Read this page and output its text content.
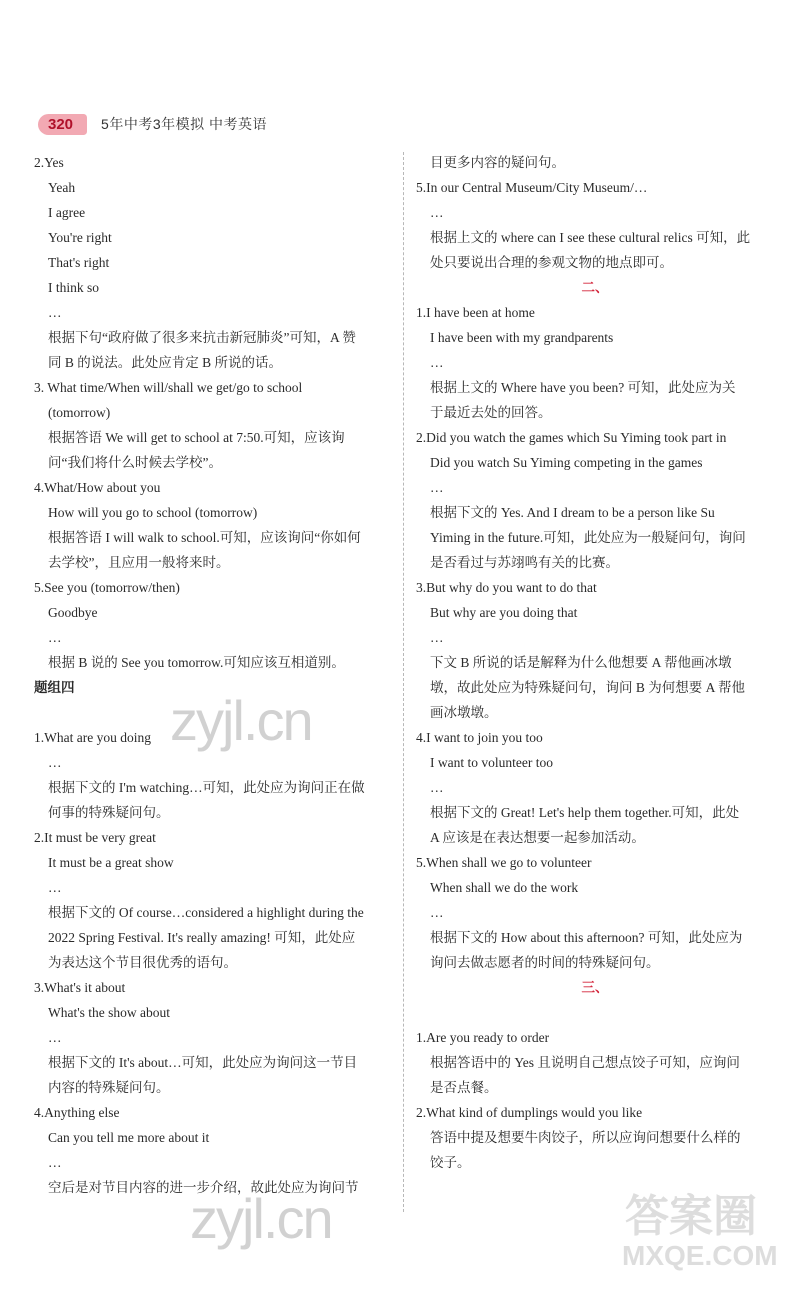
320	5年中考3年模拟 中考英语
2.Yes
Yeah
I agree
You're right
That's right
I think so
…
根据下句“政府做了很多来抗击新冠肺炎”可知，A 赞
同 B 的说法。此处应肯定 B 所说的话。
3. What time/When will/shall we get/go to school
(tomorrow)
根据答语 We will get to school at 7:50.可知，应该询
问“我们将什么时候去学校”。
4.What/How about you
How will you go to school (tomorrow)
根据答语 I will walk to school.可知，应该询问“你如何
去学校”，且应用一般将来时。
5.See you (tomorrow/then)
Goodbye
…
根据 B 说的 See you tomorrow.可知应该互相道别。
题组四
1.What are you doing
…
根据下文的 I'm watching…可知，此处应为询问正在做
何事的特殊疑问句。
2.It must be very great
It must be a great show
…
根据下文的 Of course…considered a highlight during the
2022 Spring Festival. It's really amazing! 可知，此处应
为表达这个节目很优秀的语句。
3.What's it about
What's the show about
…
根据下文的 It's about…可知，此处应为询问这一节目
内容的特殊疑问句。
4.Anything else
Can you tell me more about it
…
空后是对节目内容的进一步介绍，故此处应为询问节
目更多内容的疑问句。
5.In our Central Museum/City Museum/…
…
根据上文的 where can I see these cultural relics 可知，此
处只要说出合理的参观文物的地点即可。
二、
1.I have been at home
I have been with my grandparents
…
根据上文的 Where have you been? 可知，此处应为关
于最近去处的回答。
2.Did you watch the games which Su Yiming took part in
Did you watch Su Yiming competing in the games
…
根据下文的 Yes. And I dream to be a person like Su
Yiming in the future.可知，此处应为一般疑问句，询问
是否看过与苏翊鸣有关的比赛。
3.But why do you want to do that
But why are you doing that
…
下文 B 所说的话是解释为什么他想要 A 帮他画冰墩
墩，故此处应为特殊疑问句，询问 B 为何想要 A 帮他
画冰墩墩。
4.I want to join you too
I want to volunteer too
…
根据下文的 Great! Let's help them together.可知，此处
A 应该是在表达想要一起参加活动。
5.When shall we go to volunteer
When shall we do the work
…
根据下文的 How about this afternoon? 可知，此处应为
询问去做志愿者的时间的特殊疑问句。
三、
1.Are you ready to order
根据答语中的 Yes 且说明自己想点饺子可知，应询问
是否点餐。
2.What kind of dumplings would you like
答语中提及想要牛肉饺子，所以应询问想要什么样的
饺子。
zyjl.cn
zyjl.cn	答案圈
MXQE.COM
